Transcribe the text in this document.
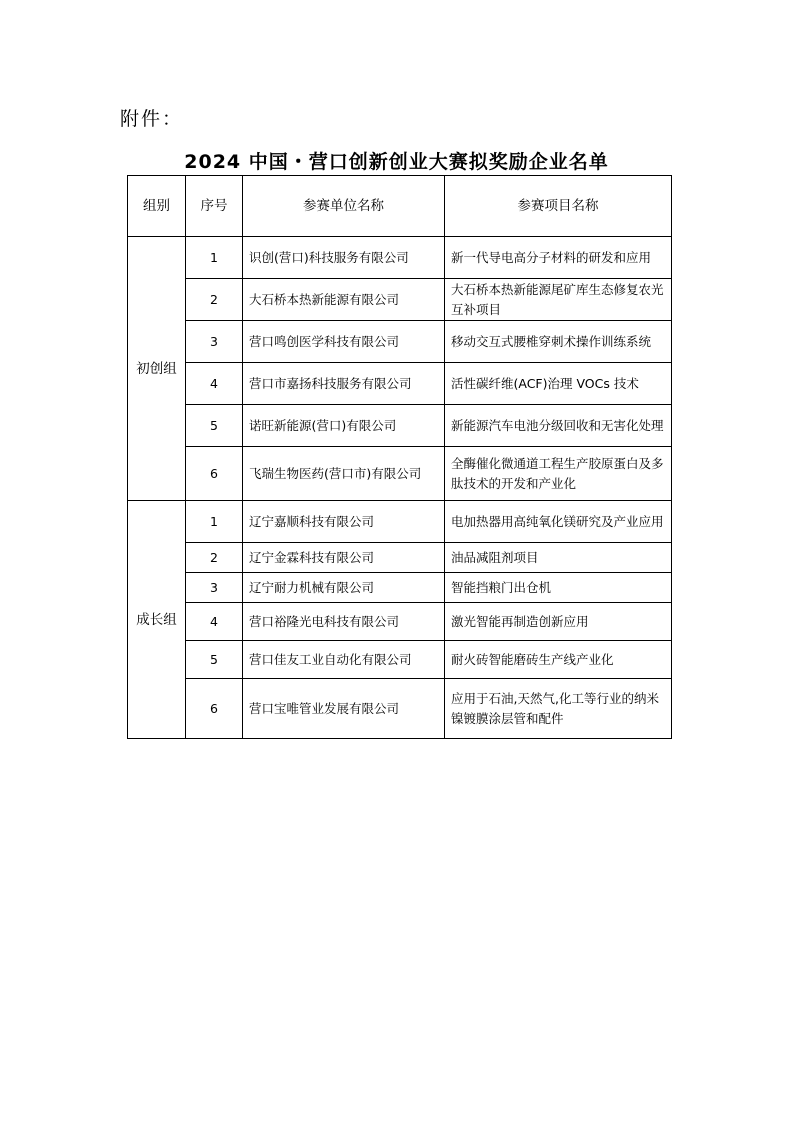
附件：
2024 中国・营口创新创业大赛拟奖励企业名单
组别	序号	参赛单位名称	参赛项目名称
初创组	1	识创(营口)科技服务有限公司	新一代导电高分子材料的研发和应用
	2	大石桥本热新能源有限公司	大石桥本热新能源尾矿库生态修复农光互补项目
	3	营口鸣创医学科技有限公司	移动交互式腰椎穿刺术操作训练系统
	4	营口市嘉扬科技服务有限公司	活性碳纤维(ACF)治理 VOCs 技术
	5	诺旺新能源(营口)有限公司	新能源汽车电池分级回收和无害化处理
	6	飞瑞生物医药(营口市)有限公司	全酶催化微通道工程生产胶原蛋白及多肽技术的开发和产业化
成长组	1	辽宁嘉顺科技有限公司	电加热器用高纯氧化镁研究及产业应用
	2	辽宁金霖科技有限公司	油品减阻剂项目
	3	辽宁耐力机械有限公司	智能挡粮门出仓机
	4	营口裕隆光电科技有限公司	激光智能再制造创新应用
	5	营口佳友工业自动化有限公司	耐火砖智能磨砖生产线产业化
	6	营口宝唯管业发展有限公司	应用于石油,天然气,化工等行业的纳米镍镀膜涂层管和配件
